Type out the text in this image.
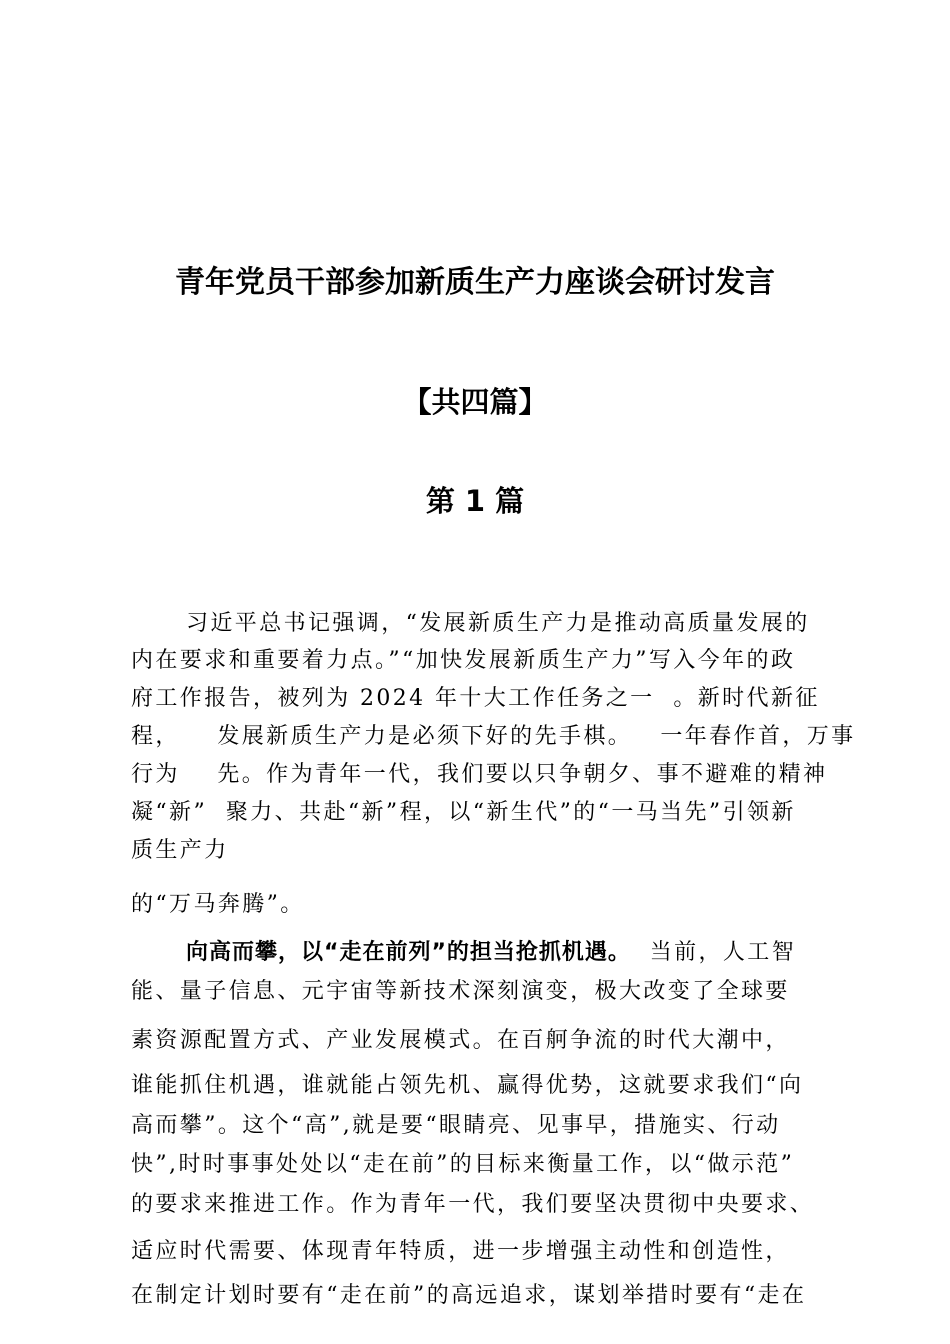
青年党员干部参加新质生产力座谈会研讨发言
【共四篇】
第 1 篇
习近平总书记强调，“发展新质生产力是推动高质量发展的
内在要求和重要着力点。”“加快发展新质生产力”写入今年的政
府工作报告，被列为 2024 年十大工作任务之一  。新时代新征
程，    发展新质生产力是必须下好的先手棋。   一年春作首，万事
行为    先。作为青年一代，我们要以只争朝夕、事不避难的精神
凝“新”  聚力、共赴“新”程，以“新生代”的“一马当先”引领新
质生产力
的“万马奔腾”。
向高而攀，以“走在前列”的担当抢抓机遇。  当前，人工智
能、量子信息、元宇宙等新技术深刻演变，极大改变了全球要
素资源配置方式、产业发展模式。在百舸争流的时代大潮中，
谁能抓住机遇，谁就能占领先机、赢得优势，这就要求我们“向
高而攀”。这个“高”,就是要“眼睛亮、见事早，措施实、行动
快”,时时事事处处以“走在前”的目标来衡量工作，以“做示范”
的要求来推进工作。作为青年一代，我们要坚决贯彻中央要求、
适应时代需要、体现青年特质，进一步增强主动性和创造性，
在制定计划时要有“走在前”的高远追求，谋划举措时要有“走在
